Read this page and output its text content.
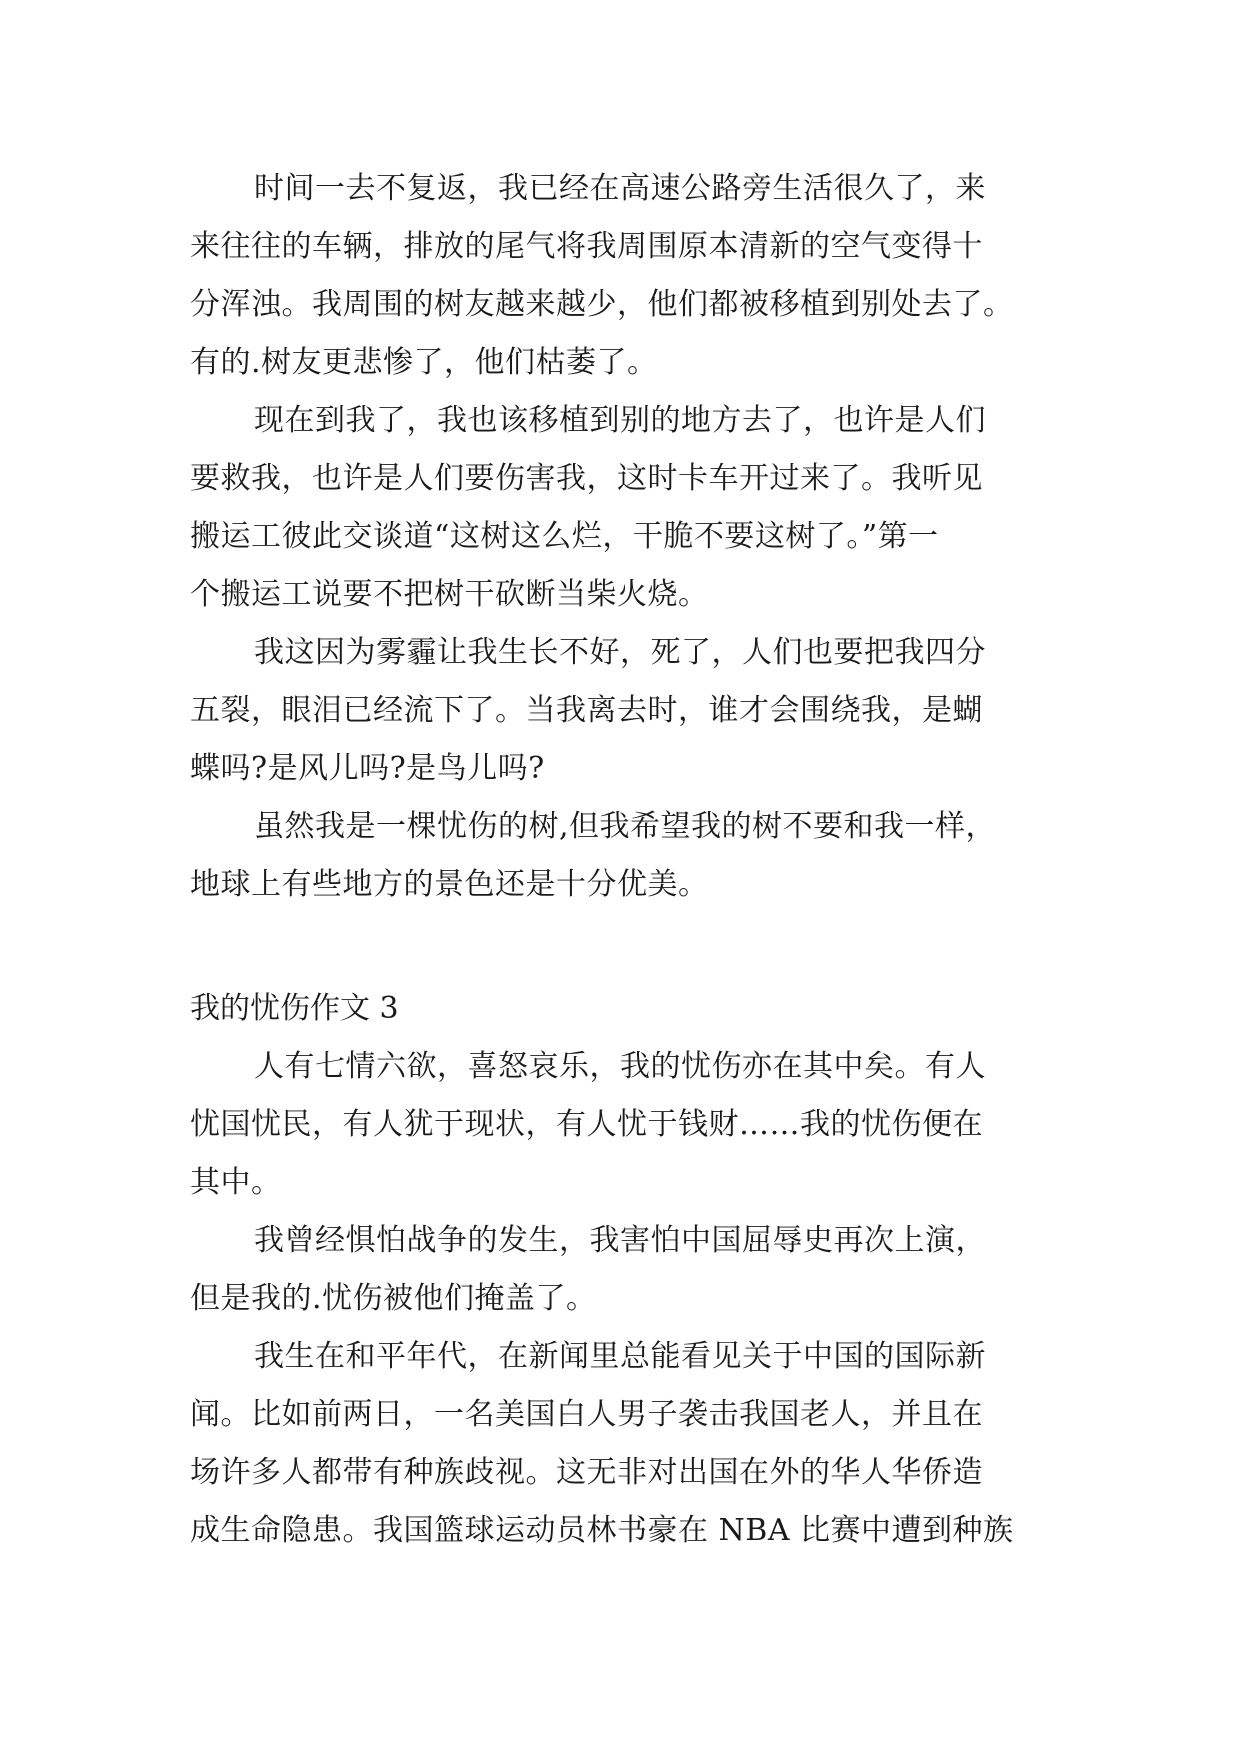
时间一去不复返，我已经在高速公路旁生活很久了，来
来往往的车辆，排放的尾气将我周围原本清新的空气变得十
分浑浊。我周围的树友越来越少，他们都被移植到别处去了。
有的.树友更悲惨了，他们枯萎了。
现在到我了，我也该移植到别的地方去了，也许是人们
要救我，也许是人们要伤害我，这时卡车开过来了。我听见
搬运工彼此交谈道“这树这么烂，干脆不要这树了。”第一
个搬运工说要不把树干砍断当柴火烧。
我这因为雾霾让我生长不好，死了，人们也要把我四分
五裂，眼泪已经流下了。当我离去时，谁才会围绕我，是蝴
蝶吗?是风儿吗?是鸟儿吗?
虽然我是一棵忧伤的树,但我希望我的树不要和我一样，
地球上有些地方的景色还是十分优美。
我的忧伤作文 3
人有七情六欲，喜怒哀乐，我的忧伤亦在其中矣。有人
忧国忧民，有人犹于现状，有人忧于钱财……我的忧伤便在
其中。
我曾经惧怕战争的发生，我害怕中国屈辱史再次上演，
但是我的.忧伤被他们掩盖了。
我生在和平年代，在新闻里总能看见关于中国的国际新
闻。比如前两日，一名美国白人男子袭击我国老人，并且在
场许多人都带有种族歧视。这无非对出国在外的华人华侨造
成生命隐患。我国篮球运动员林书豪在 NBA 比赛中遭到种族
